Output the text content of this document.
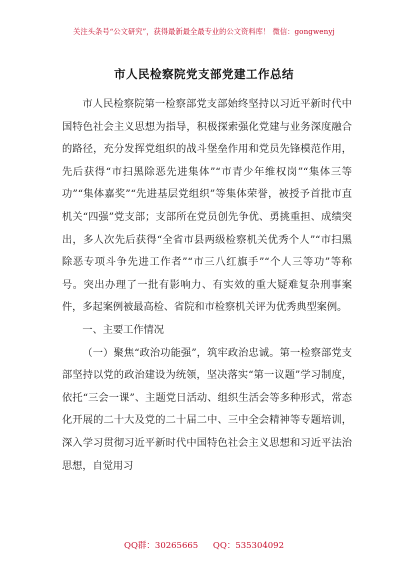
关注头条号“公文研究”，获得最新最全最专业的公文资料库！ 微信：gongwenyj
市人民检察院党支部党建工作总结

市人民检察院第一检察部党支部始终坚持以习近平新时代中国特色社会主义思想为指导，积极探索强化党建与业务深度融合的路径，充分发挥党组织的战斗堡垒作用和党员先锋模范作用，先后获得“市扫黑除恶先进集体”“市青少年维权岗”“集体三等功”“集体嘉奖”“先进基层党组织”等集体荣誉，被授予首批市直机关“四强”党支部；支部所在党员创先争优、勇挑重担、成绩突出，多人次先后获得“全省市县两级检察机关优秀个人”“市扫黑除恶专项斗争先进工作者”“市三八红旗手”“个人三等功”等称号。突出办理了一批有影响力、有实效的重大疑难复杂刑事案件，多起案例被最高检、省院和市检察机关评为优秀典型案例。

一、主要工作情况

（一）聚焦“政治功能强”，筑牢政治忠诚。第一检察部党支部坚持以党的政治建设为统领，坚决落实“第一议题”学习制度，依托“三会一课”、主题党日活动、组织生活会等多种形式，常态化开展的二十大及党的二十届二中、三中全会精神等专题培训，深入学习贯彻习近平新时代中国特色社会主义思想和习近平法治思想，自觉用习

QQ群：30265665 QQ：535304092
